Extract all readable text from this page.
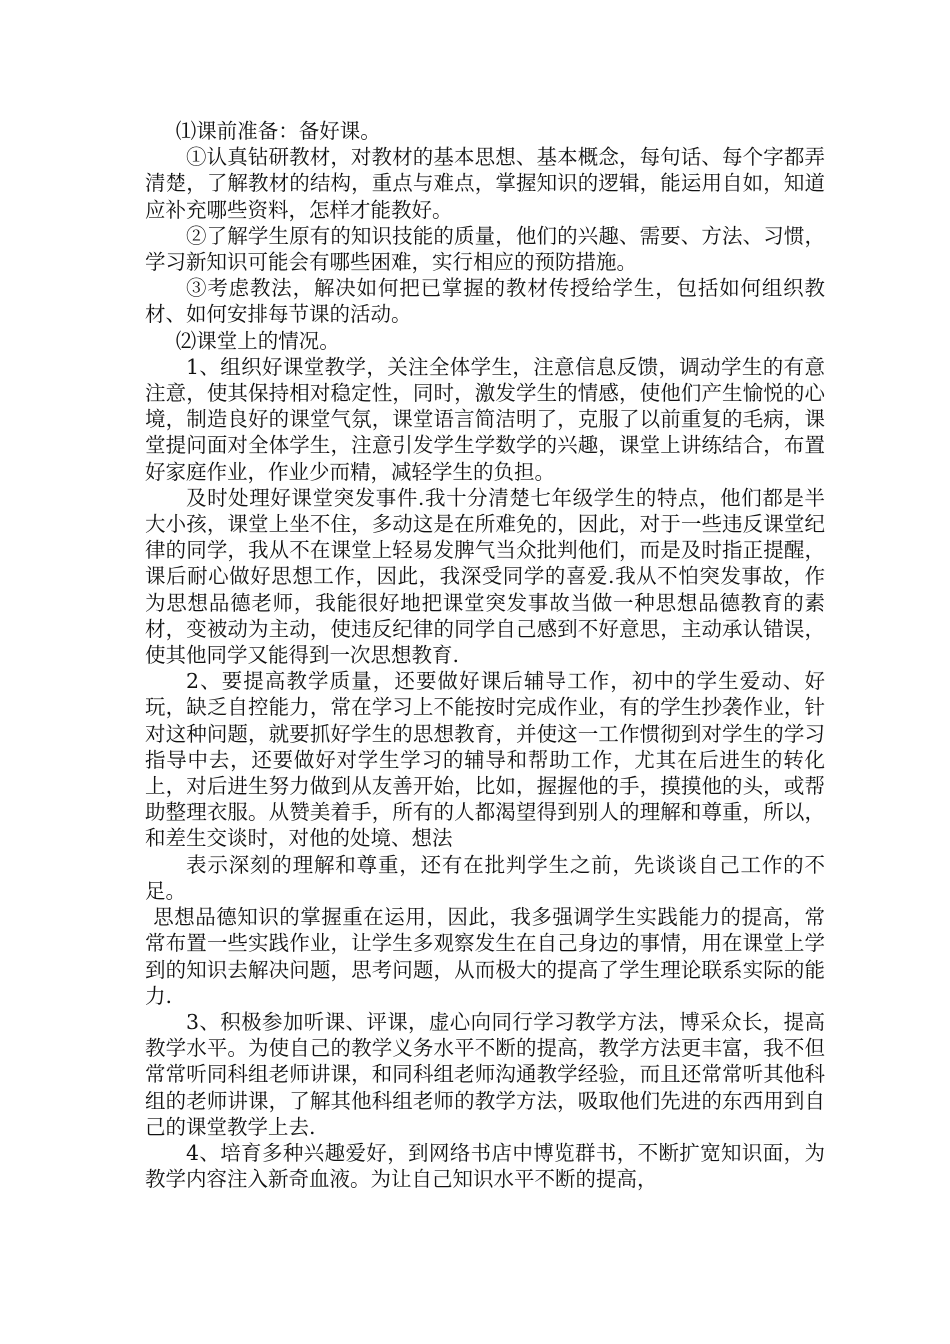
⑴课前准备：备好课。

①认真钻研教材，对教材的基本思想、基本概念，每句话、每个字都弄清楚，了解教材的结构，重点与难点，掌握知识的逻辑，能运用自如，知道应补充哪些资料，怎样才能教好。

②了解学生原有的知识技能的质量，他们的兴趣、需要、方法、习惯，学习新知识可能会有哪些困难，实行相应的预防措施。

③考虑教法，解决如何把已掌握的教材传授给学生，包括如何组织教材、如何安排每节课的活动。

⑵课堂上的情况。

1、组织好课堂教学，关注全体学生，注意信息反馈，调动学生的有意注意，使其保持相对稳定性，同时，激发学生的情感，使他们产生愉悦的心境，制造良好的课堂气氛，课堂语言简洁明了，克服了以前重复的毛病，课堂提问面对全体学生，注意引发学生学数学的兴趣，课堂上讲练结合，布置好家庭作业，作业少而精，减轻学生的负担。

及时处理好课堂突发事件.我十分清楚七年级学生的特点，他们都是半大小孩，课堂上坐不住，多动这是在所难免的，因此，对于一些违反课堂纪律的同学，我从不在课堂上轻易发脾气当众批判他们，而是及时指正提醒，课后耐心做好思想工作，因此，我深受同学的喜爱.我从不怕突发事故，作为思想品德老师，我能很好地把课堂突发事故当做一种思想品德教育的素材，变被动为主动，使违反纪律的同学自己感到不好意思，主动承认错误，使其他同学又能得到一次思想教育.

2、要提高教学质量，还要做好课后辅导工作，初中的学生爱动、好玩，缺乏自控能力，常在学习上不能按时完成作业，有的学生抄袭作业，针对这种问题，就要抓好学生的思想教育，并使这一工作惯彻到对学生的学习指导中去，还要做好对学生学习的辅导和帮助工作，尤其在后进生的转化上，对后进生努力做到从友善开始，比如，握握他的手，摸摸他的头，或帮助整理衣服。从赞美着手，所有的人都渴望得到别人的理解和尊重，所以，和差生交谈时，对他的处境、想法

表示深刻的理解和尊重，还有在批判学生之前，先谈谈自己工作的不足。

思想品德知识的掌握重在运用，因此，我多强调学生实践能力的提高，常常布置一些实践作业，让学生多观察发生在自己身边的事情，用在课堂上学到的知识去解决问题，思考问题，从而极大的提高了学生理论联系实际的能力.

3、积极参加听课、评课，虚心向同行学习教学方法，博采众长，提高教学水平。为使自己的教学义务水平不断的提高，教学方法更丰富，我不但常常听同科组老师讲课，和同科组老师沟通教学经验，而且还常常听其他科组的老师讲课，了解其他科组老师的教学方法，吸取他们先进的东西用到自己的课堂教学上去.

4、培育多种兴趣爱好，到网络书店中博览群书，不断扩宽知识面，为教学内容注入新奇血液。为让自己知识水平不断的提高，
